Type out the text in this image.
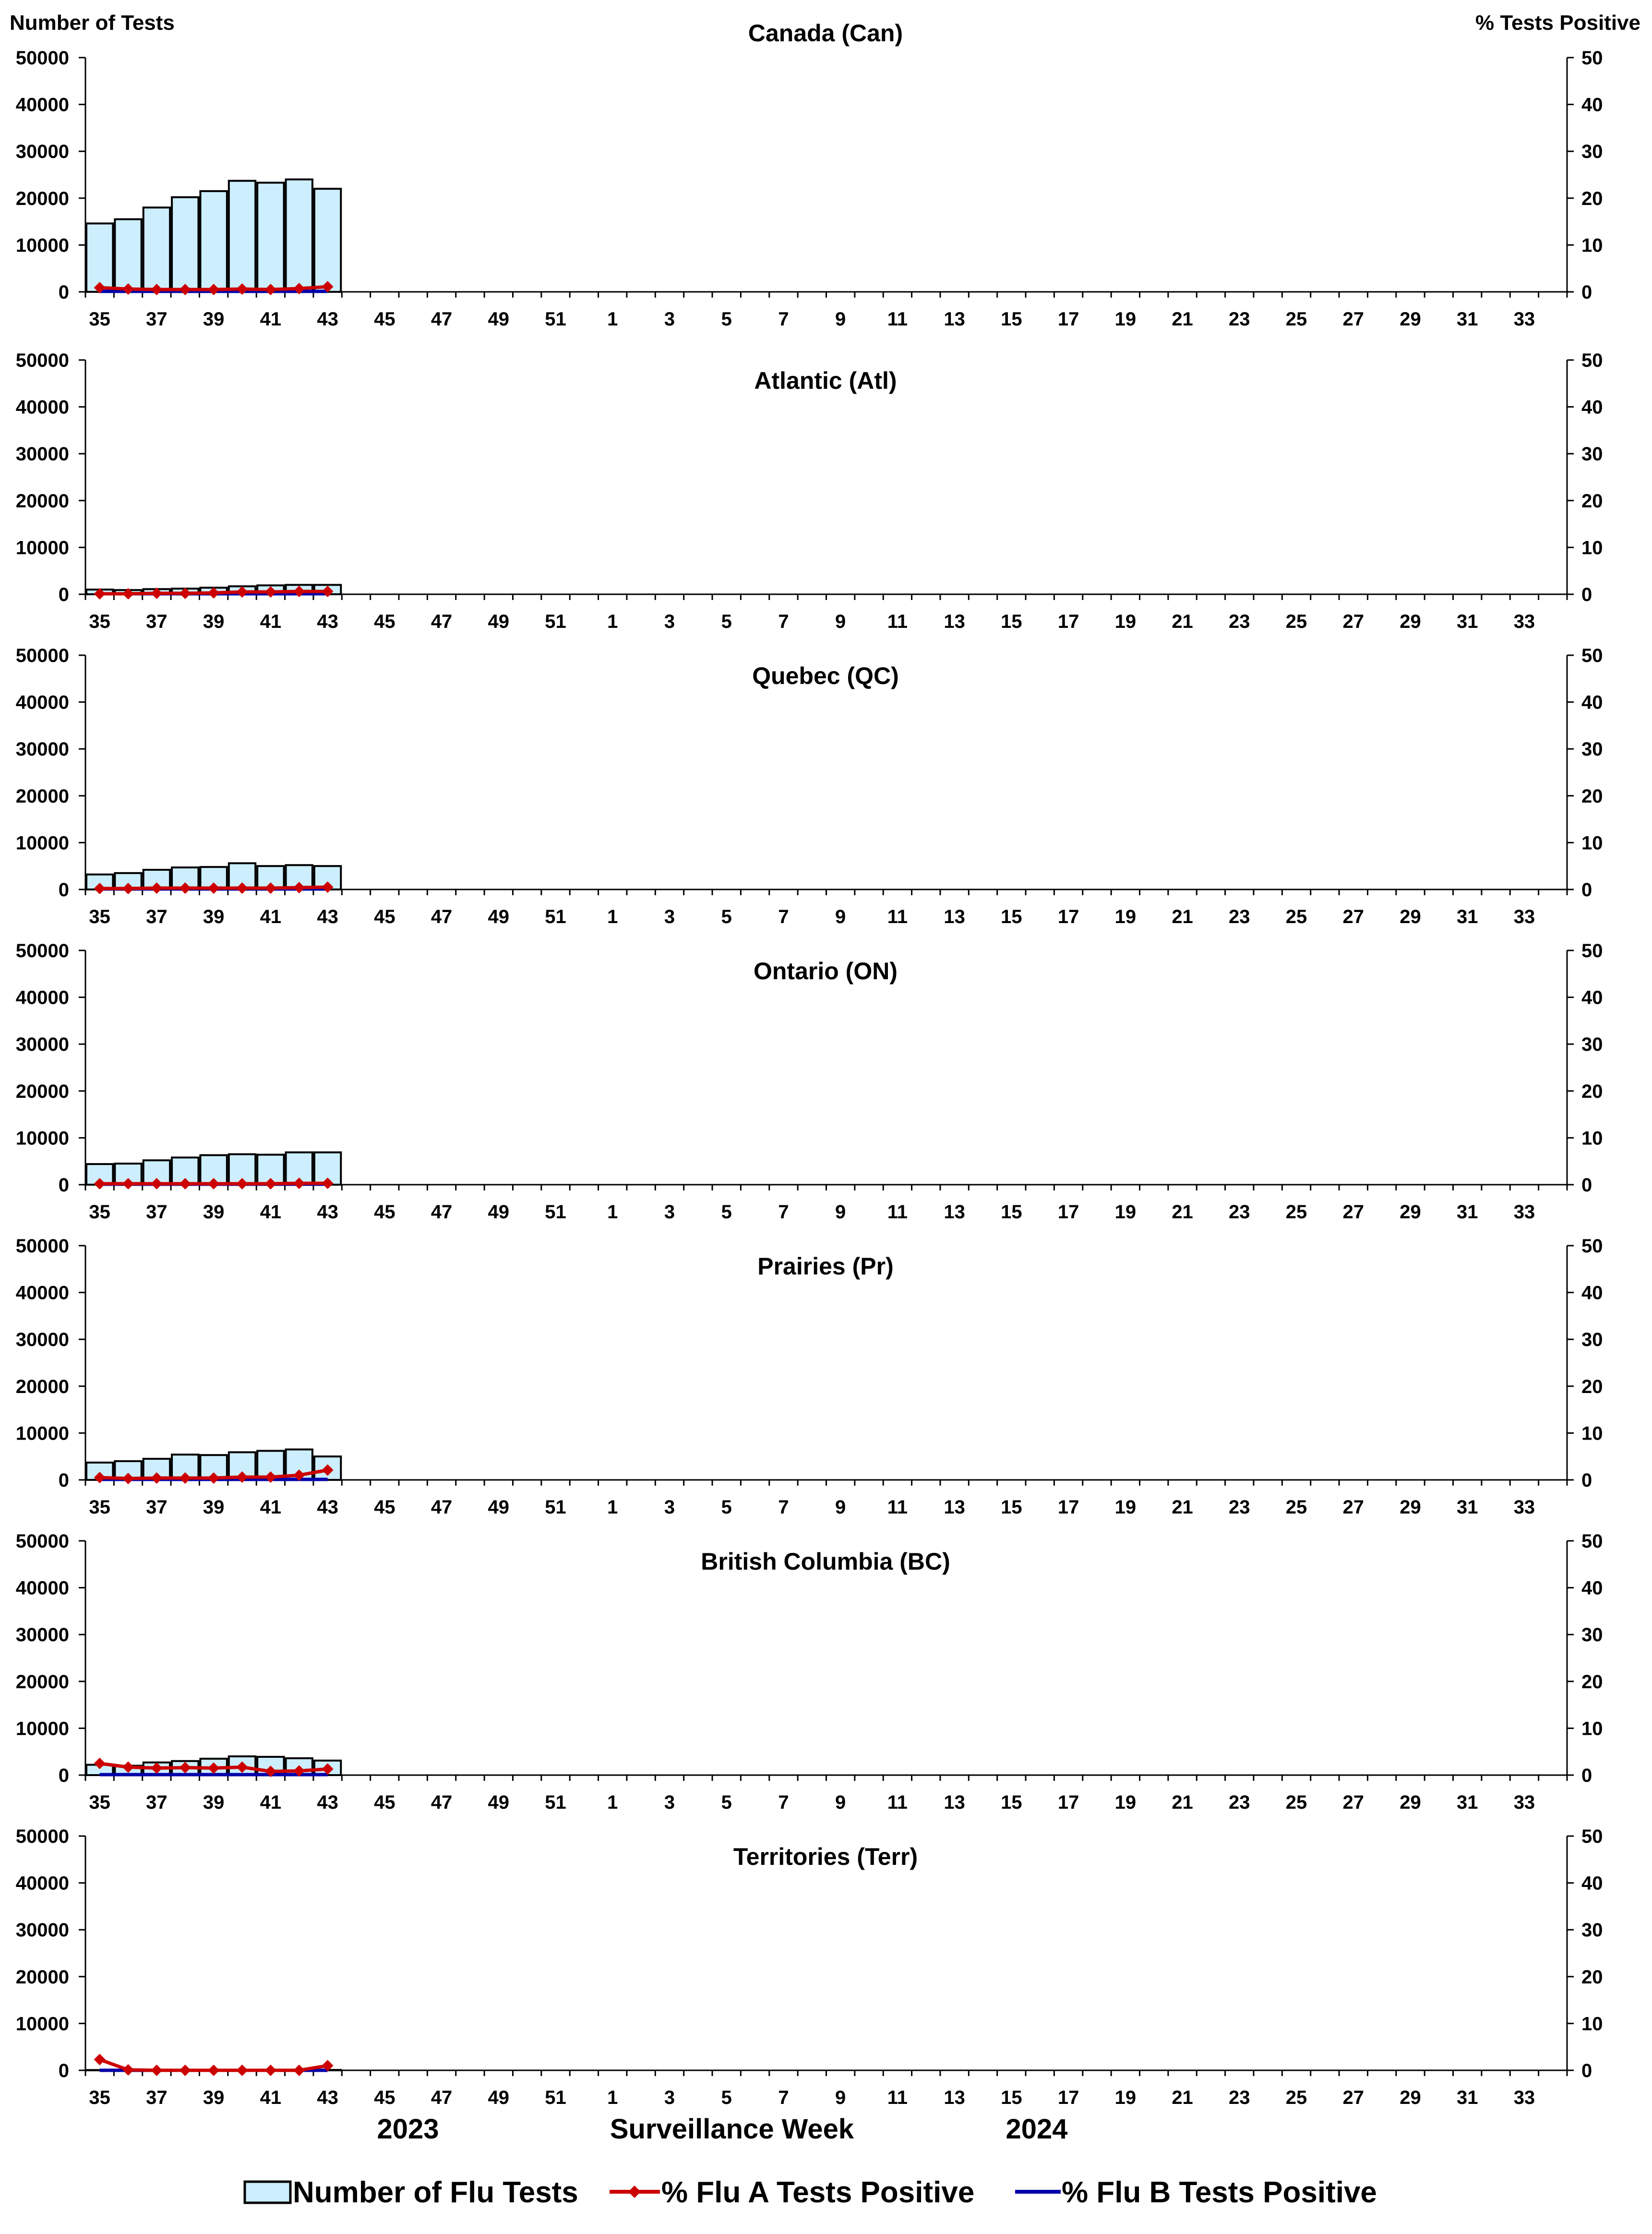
Number of Tests	% Tests Positive
Canada (Can)
0
10000
20000
30000
40000
50000
0
10
20
30
40
50
35 37 39 41 43 45 47 49 51 1 3 5 7 9 11 13 15 17 19 21 23 25 27 29 31 33
Atlantic (Atl)
0
10000
20000
30000
40000
50000
0
10
20
30
40
50
35 37 39 41 43 45 47 49 51 1 3 5 7 9 11 13 15 17 19 21 23 25 27 29 31 33
Quebec (QC)
0
10000
20000
30000
40000
50000
0
10
20
30
40
50
35 37 39 41 43 45 47 49 51 1 3 5 7 9 11 13 15 17 19 21 23 25 27 29 31 33
Ontario (ON)
0
10000
20000
30000
40000
50000
0
10
20
30
40
50
35 37 39 41 43 45 47 49 51 1 3 5 7 9 11 13 15 17 19 21 23 25 27 29 31 33
Prairies (Pr)
0
10000
20000
30000
40000
50000
0
10
20
30
40
50
35 37 39 41 43 45 47 49 51 1 3 5 7 9 11 13 15 17 19 21 23 25 27 29 31 33
British Columbia (BC)
0
10000
20000
30000
40000
50000
0
10
20
30
40
50
35 37 39 41 43 45 47 49 51 1 3 5 7 9 11 13 15 17 19 21 23 25 27 29 31 33
Territories (Terr)
0
10000
20000
30000
40000
50000
0
10
20
30
40
50
35 37 39 41 43 45 47 49 51 1 3 5 7 9 11 13 15 17 19 21 23 25 27 29 31 33
2023	Surveillance Week	2024
Number of Flu Tests	% Flu A Tests Positive	% Flu B Tests Positive
